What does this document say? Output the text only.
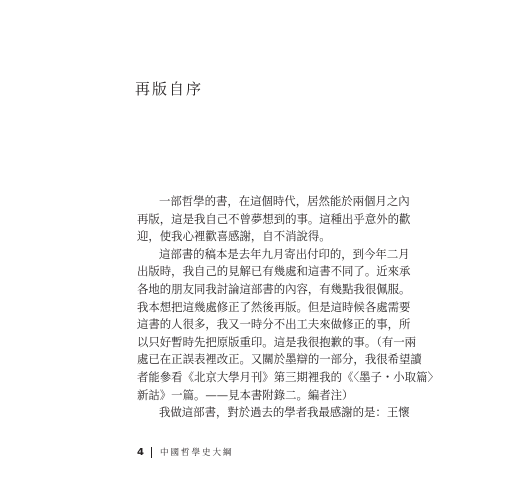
再版自序
一部哲學的書，在這個時代，居然能於兩個月之內
再版，這是我自己不曾夢想到的事。這種出乎意外的歡
迎，使我心裡歡喜感謝，自不消說得。
這部書的稿本是去年九月寄出付印的，到今年二月
出版時，我自己的見解已有幾處和這書不同了。近來承
各地的朋友同我討論這部書的內容，有幾點我很佩服。
我本想把這幾處修正了然後再版。但是這時候各處需要
這書的人很多，我又一時分不出工夫來做修正的事，所
以只好暫時先把原版重印。這是我很抱歉的事。（有一兩
處已在正誤表裡改正。又關於墨辯的一部分，我很希望讀
者能參看《北京大學月刊》第三期裡我的《〈墨子・小取篇〉
新詁》一篇。——見本書附錄二。編者注）
我做這部書，對於過去的學者我最感謝的是：王懷
4 中國哲學史大綱
